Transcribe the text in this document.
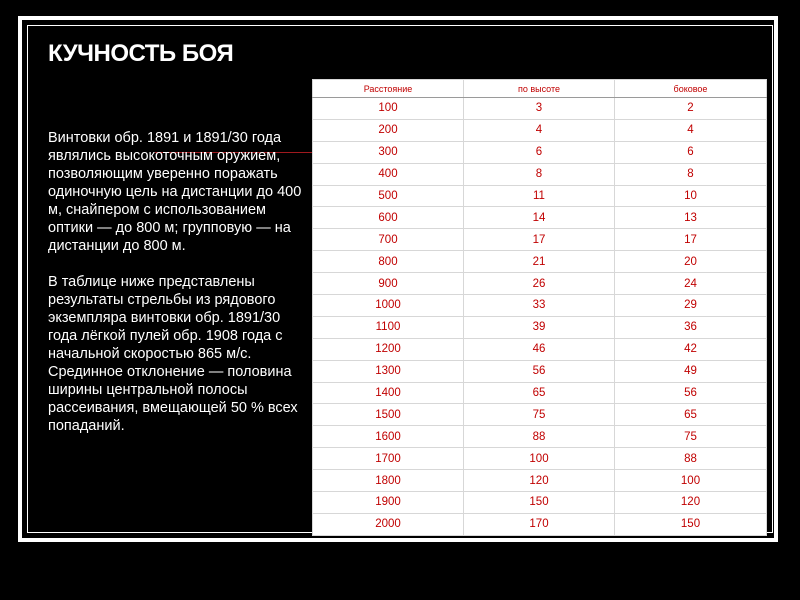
КУЧНОСТЬ БОЯ

Винтовки обр. 1891 и 1891/30 года являлись высокоточным оружием, позволяющим уверенно поражать одиночную цель на дистанции до 400 м, снайпером с использованием оптики — до 800 м; групповую — на дистанции до 800 м.

В таблице ниже представлены результаты стрельбы из рядового экземпляра винтовки обр. 1891/30 года лёгкой пулей обр. 1908 года с начальной скоростью 865 м/с. Срединное отклонение — половина ширины центральной полосы рассеивания, вмещающей 50 % всех попаданий.

Расстояние	по высоте	боковое
100	3	2
200	4	4
300	6	6
400	8	8
500	11	10
600	14	13
700	17	17
800	21	20
900	26	24
1000	33	29
1100	39	36
1200	46	42
1300	56	49
1400	65	56
1500	75	65
1600	88	75
1700	100	88
1800	120	100
1900	150	120
2000	170	150
